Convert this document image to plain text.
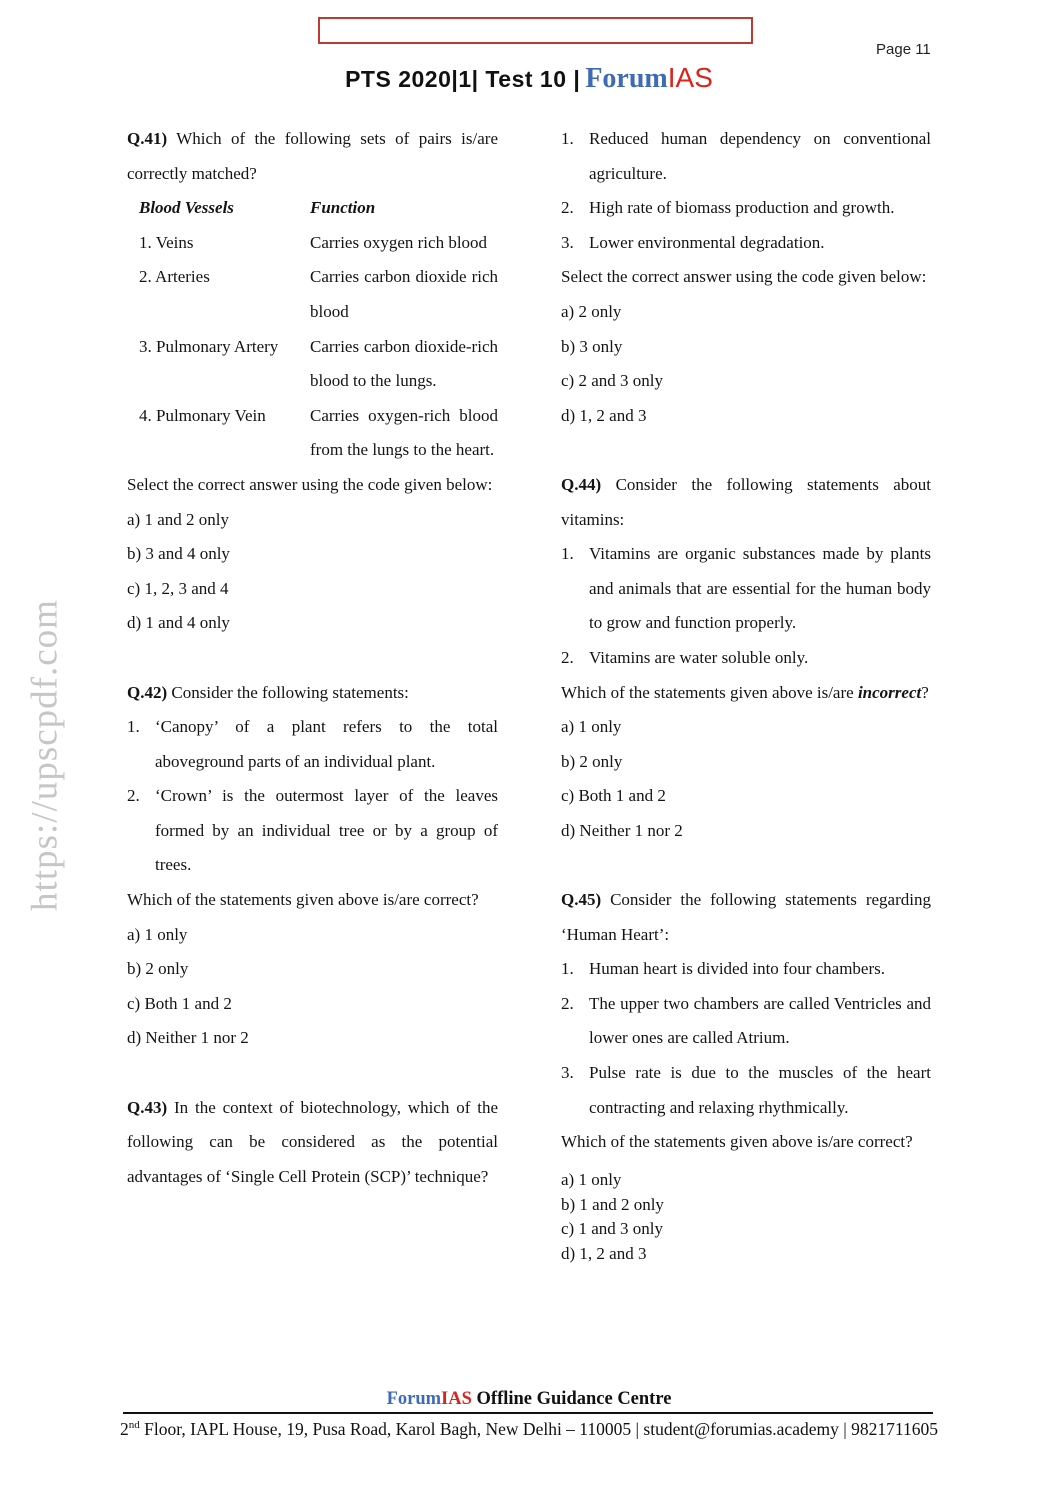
Page 11
PTS 2020|1| Test 10 | Forum IAS
https://upscpdf.com

Q.41) Which of the following sets of pairs is/are correctly matched?

Blood Vessels	Function
1. Veins	Carries oxygen rich blood
2. Arteries	Carries carbon dioxide rich blood
3. Pulmonary Artery	Carries carbon dioxide-rich blood to the lungs.
4. Pulmonary Vein	Carries oxygen-rich blood from the lungs to the heart.

Select the correct answer using the code given below:

a) 1 and 2 only
b) 3 and 4 only
c) 1, 2, 3 and 4
d) 1 and 4 only

Q.42) Consider the following statements:

1. ‘Canopy’ of a plant refers to the total aboveground parts of an individual plant.
2. ‘Crown’ is the outermost layer of the leaves formed by an individual tree or by a group of trees.

Which of the statements given above is/are correct?

a) 1 only
b) 2 only
c) Both 1 and 2
d) Neither 1 nor 2

Q.43) In the context of biotechnology, which of the following can be considered as the potential advantages of ‘Single Cell Protein (SCP)’ technique?

1. Reduced human dependency on conventional agriculture.
2. High rate of biomass production and growth.
3. Lower environmental degradation.

Select the correct answer using the code given below:

a) 2 only
b) 3 only
c) 2 and 3 only
d) 1, 2 and 3

Q.44) Consider the following statements about vitamins:

1. Vitamins are organic substances made by plants and animals that are essential for the human body to grow and function properly.
2. Vitamins are water soluble only.

Which of the statements given above is/are incorrect?

a) 1 only
b) 2 only
c) Both 1 and 2
d) Neither 1 nor 2

Q.45) Consider the following statements regarding ‘Human Heart’:

1. Human heart is divided into four chambers.
2. The upper two chambers are called Ventricles and lower ones are called Atrium.
3. Pulse rate is due to the muscles of the heart contracting and relaxing rhythmically.

Which of the statements given above is/are correct?

a) 1 only
b) 1 and 2 only
c) 1 and 3 only
d) 1, 2 and 3
ForumIAS Offline Guidance Centre
2nd Floor, IAPL House, 19, Pusa Road, Karol Bagh, New Delhi – 110005 | student@forumias.academy | 9821711605
